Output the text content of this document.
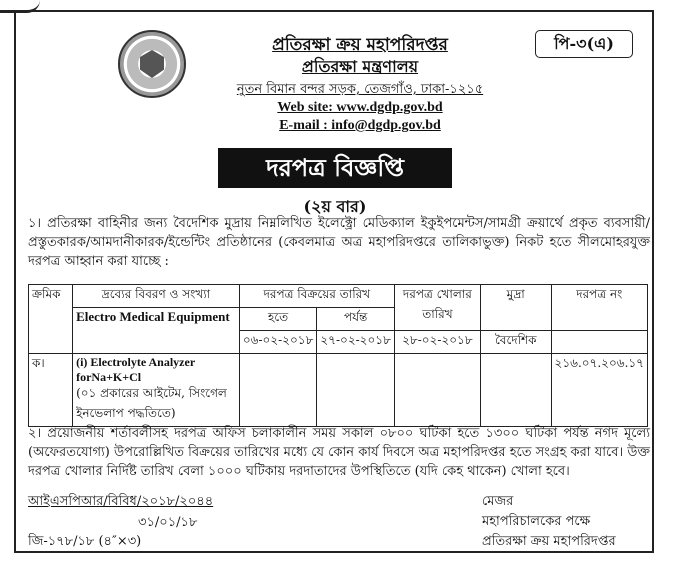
পি-৩(এ)
প্রতিরক্ষা ক্রয় মহাপরিদপ্তর
প্রতিরক্ষা মন্ত্রণালয়
নুতন বিমান বন্দর সড়ক, তেজগাঁও, ঢাকা-১২১৫
Web site: www.dgdp.gov.bd
E-mail : info@dgdp.gov.bd
দরপত্র বিজ্ঞপ্তি
(২য় বার)
১। প্রতিরক্ষা বাহিনীর জন্য বৈদেশিক মুদ্রায় নিম্নলিখিত ইলেক্ট্রো মেডিক্যাল ইকুইপমেন্টস/সামগ্রী ক্রয়ার্থে প্রকৃত ব্যবসায়ী/প্রস্তুতকারক/আমদানীকারক/ইন্ডেন্টিং প্রতিষ্ঠানের (কেবলমাত্র অত্র মহাপরিদপ্তরে তালিকাভুক্ত) নিকট হতে সীলমোহরযুক্ত দরপত্র আহ্বান করা যাচ্ছে :
ক্রমিক	দ্রব্যের বিবরণ ও সংখ্যা	দরপত্র বিক্রয়ের তারিখ		দরপত্র খোলার তারিখ	মুদ্রা	দরপত্র নং
	Electro Medical Equipment	হতে	পর্যন্ত			
		০৬-০২-২০১৮	২৭-০২-২০১৮	২৮-০২-২০১৮	বৈদেশিক	
ক।	(i) Electrolyte Analyzer forNa+K+Cl
(০১ প্রকারের আইটেম, সিংগেল ইনভেলাপ পদ্ধতিতে)					২১৬.০৭.২০৬.১৭
২। প্রয়োজনীয় শর্তাবলীসহ দরপত্র অফিস চলাকালীন সময় সকাল ০৮০০ ঘটিকা হতে ১৩০০ ঘটিকা পর্যন্ত নগদ মূল্যে (অফেরতযোগ্য) উপরোল্লিখিত বিক্রয়ের তারিখের মধ্যে যে কোন কার্য দিবসে অত্র মহাপরিদপ্তর হতে সংগ্রহ করা যাবে। উক্ত দরপত্র খোলার নির্দিষ্ট তারিখ বেলা ১০০০ ঘটিকায় দরদাতাদের উপস্থিতিতে (যদি কেহ থাকেন) খোলা হবে।
আইএসপিআর/বিবিধ/২০১৮/২০৪৪
৩১/০১/১৮
জি-১৭৮/১৮ (৪″×৩)
মেজর
মহাপরিচালকের পক্ষে
প্রতিরক্ষা ক্রয় মহাপরিদপ্তর
